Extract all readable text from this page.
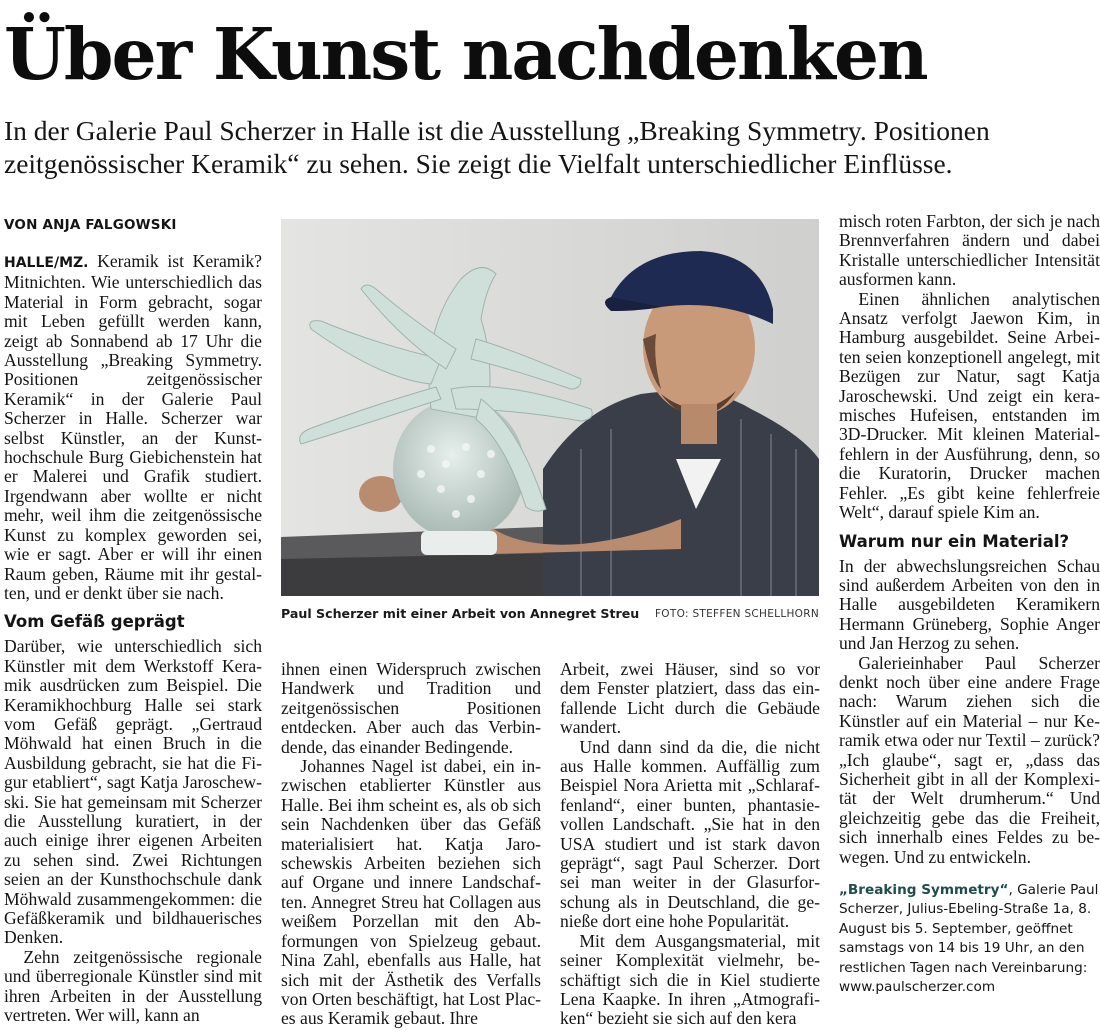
Über Kunst nachdenken

In der Galerie Paul Scherzer in Halle ist die Ausstellung „Breaking Symmetry. Positionen zeitgenössischer Keramik“ zu sehen. Sie zeigt die Vielfalt unterschiedlicher Einflüsse.

VON ANJA FALGOWSKI

HALLE/MZ. Keramik ist Keramik? Mitnichten. Wie unterschiedlich das Material in Form gebracht, sogar mit Leben gefüllt werden kann, zeigt ab Sonnabend ab 17 Uhr die Ausstellung „Breaking Symmetry. Positionen zeitgenössischer Keramik“ in der Galerie Paul Scherzer in Halle. Scherzer war selbst Künstler, an der Kunsthochschule Burg Giebichenstein hat er Malerei und Grafik studiert. Irgendwann aber wollte er nicht mehr, weil ihm die zeitgenössische Kunst zu komplex geworden sei, wie er sagt. Aber er will ihr einen Raum geben, Räume mit ihr gestalten, und er denkt über sie nach.

Vom Gefäß geprägt

Darüber, wie unterschiedlich sich Künstler mit dem Werkstoff Keramik ausdrücken zum Beispiel. Die Keramikhochburg Halle sei stark vom Gefäß geprägt. „Gertraud Möhwald hat einen Bruch in die Ausbildung gebracht, sie hat die Figur etabliert“, sagt Katja Jaroschewski. Sie hat gemeinsam mit Scherzer die Ausstellung kuratiert, in der auch einige ihrer eigenen Arbeiten zu sehen sind. Zwei Richtungen seien an der Kunsthochschule dank Möhwald zusammengekommen: die Gefäßkeramik und bildhauerisches Denken.

Zehn zeitgenössische regionale und überregionale Künstler sind mit ihren Arbeiten in der Ausstellung vertreten. Wer will, kann an

Paul Scherzer mit einer Arbeit von Annegret Streu FOTO: STEFFEN SCHELLHORN

ihnen einen Widerspruch zwischen Handwerk und Tradition und zeitgenössischen Positionen entdecken. Aber auch das Verbindende, das einander Bedingende.

Johannes Nagel ist dabei, ein inzwischen etablierter Künstler aus Halle. Bei ihm scheint es, als ob sich sein Nachdenken über das Gefäß materialisiert hat. Katja Jaroschewskis Arbeiten beziehen sich auf Organe und innere Landschaften. Annegret Streu hat Collagen aus weißem Porzellan mit den Abformungen von Spielzeug gebaut. Nina Zahl, ebenfalls aus Halle, hat sich mit der Ästhetik des Verfalls von Orten beschäftigt, hat Lost Places aus Keramik gebaut. Ihre

Arbeit, zwei Häuser, sind so vor dem Fenster platziert, dass das einfallende Licht durch die Gebäude wandert.

Und dann sind da die, die nicht aus Halle kommen. Auffällig zum Beispiel Nora Arietta mit „Schlaraffenland“, einer bunten, phantasievollen Landschaft. „Sie hat in den USA studiert und ist stark davon geprägt“, sagt Paul Scherzer. Dort sei man weiter in der Glasurforschung als in Deutschland, die genieße dort eine hohe Popularität.

Mit dem Ausgangsmaterial, mit seiner Komplexität vielmehr, beschäftigt sich die in Kiel studierte Lena Kaapke. In ihren „Atmografiken“ bezieht sie sich auf den kera

misch roten Farbton, der sich je nach Brennverfahren ändern und dabei Kristalle unterschiedlicher Intensität ausformen kann.

Einen ähnlichen analytischen Ansatz verfolgt Jaewon Kim, in Hamburg ausgebildet. Seine Arbeiten seien konzeptionell angelegt, mit Bezügen zur Natur, sagt Katja Jaroschewski. Und zeigt ein keramisches Hufeisen, entstanden im 3D-Drucker. Mit kleinen Materialfehlern in der Ausführung, denn, so die Kuratorin, Drucker machen Fehler. „Es gibt keine fehlerfreie Welt“, darauf spiele Kim an.

Warum nur ein Material?

In der abwechslungsreichen Schau sind außerdem Arbeiten von den in Halle ausgebildeten Keramikern Hermann Grüneberg, Sophie Anger und Jan Herzog zu sehen.

Galerieinhaber Paul Scherzer denkt noch über eine andere Frage nach: Warum ziehen sich die Künstler auf ein Material – nur Keramik etwa oder nur Textil – zurück? „Ich glaube“, sagt er, „dass das Sicherheit gibt in all der Komplexität der Welt drumherum.“ Und gleichzeitig gebe das die Freiheit, sich innerhalb eines Feldes zu bewegen. Und zu entwickeln.

„Breaking Symmetry“, Galerie Paul Scherzer, Julius-Ebeling-Straße 1a, 8. August bis 5. September, geöffnet samstags von 14 bis 19 Uhr, an den restlichen Tagen nach Vereinbarung: www.paulscherzer.com
